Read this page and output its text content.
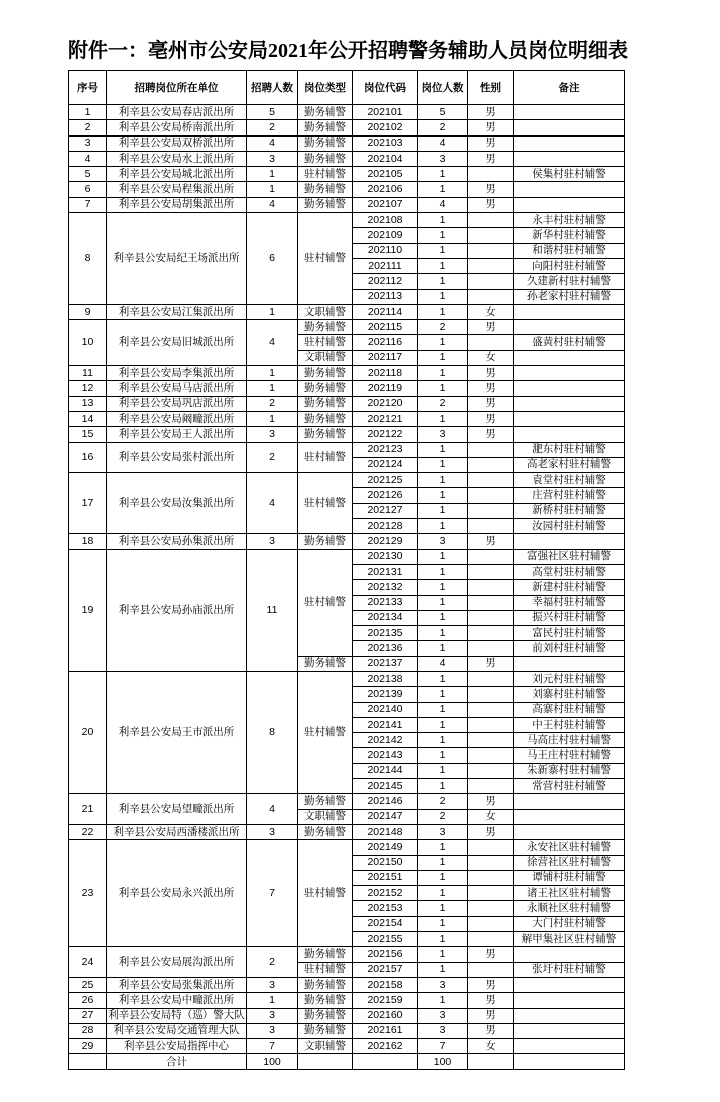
附件一：亳州市公安局2021年公开招聘警务辅助人员岗位明细表
序号	招聘岗位所在单位	招聘人数	岗位类型	岗位代码	岗位人数	性别	备注
1	利辛县公安局春店派出所	5	勤务辅警	202101	5	男	

2	利辛县公安局桥南派出所	2	勤务辅警	202102	2	男	

3	利辛县公安局双桥派出所	4	勤务辅警	202103	4	男	

4	利辛县公安局水上派出所	3	勤务辅警	202104	3	男	

5	利辛县公安局城北派出所	1	驻村辅警	202105	1		侯集村驻村辅警

6	利辛县公安局程集派出所	1	勤务辅警	202106	1	男	

7	利辛县公安局胡集派出所	4	勤务辅警	202107	4	男	

8	利辛县公安局纪王场派出所	6	驻村辅警	202108	1		永丰村驻村辅警

				202109	1		新华村驻村辅警

				202110	1		和谐村驻村辅警

				202111	1		向阳村驻村辅警

				202112	1		久建新村驻村辅警

				202113	1		孙老家村驻村辅警

9	利辛县公安局江集派出所	1	文职辅警	202114	1	女	

10	利辛县公安局旧城派出所	4	勤务辅警	202115	2	男	

			驻村辅警	202116	1		盛黄村驻村辅警

			文职辅警	202117	1	女	

11	利辛县公安局李集派出所	1	勤务辅警	202118	1	男	

12	利辛县公安局马店派出所	1	勤务辅警	202119	1	男	

13	利辛县公安局巩店派出所	2	勤务辅警	202120	2	男	

14	利辛县公安局阚疃派出所	1	勤务辅警	202121	1	男	

15	利辛县公安局王人派出所	3	勤务辅警	202122	3	男	

16	利辛县公安局张村派出所	2	驻村辅警	202123	1		淝东村驻村辅警

				202124	1		高老家村驻村辅警

17	利辛县公安局汝集派出所	4	驻村辅警	202125	1		袁堂村驻村辅警

				202126	1		庄营村驻村辅警

				202127	1		新桥村驻村辅警

				202128	1		汝园村驻村辅警

18	利辛县公安局孙集派出所	3	勤务辅警	202129	3	男	

19	利辛县公安局孙庙派出所	11	驻村辅警	202130	1		富强社区驻村辅警

				202131	1		高堂村驻村辅警

				202132	1		新建村驻村辅警

				202133	1		幸福村驻村辅警

				202134	1		振兴村驻村辅警

				202135	1		富民村驻村辅警

				202136	1		前刘村驻村辅警

			勤务辅警	202137	4	男	

20	利辛县公安局王市派出所	8	驻村辅警	202138	1		刘元村驻村辅警

				202139	1		刘寨村驻村辅警

				202140	1		高寨村驻村辅警

				202141	1		中王村驻村辅警

				202142	1		马高庄村驻村辅警

				202143	1		马王庄村驻村辅警

				202144	1		朱新寨村驻村辅警

				202145	1		常营村驻村辅警

21	利辛县公安局望疃派出所	4	勤务辅警	202146	2	男	

			文职辅警	202147	2	女	

22	利辛县公安局西潘楼派出所	3	勤务辅警	202148	3	男	

23	利辛县公安局永兴派出所	7	驻村辅警	202149	1		永安社区驻村辅警

				202150	1		徐营社区驻村辅警

				202151	1		谭铺村驻村辅警

				202152	1		诸王社区驻村辅警

				202153	1		永顺社区驻村辅警

				202154	1		大门村驻村辅警

				202155	1		解甲集社区驻村辅警

24	利辛县公安局展沟派出所	2	勤务辅警	202156	1	男	

			驻村辅警	202157	1		张圩村驻村辅警

25	利辛县公安局张集派出所	3	勤务辅警	202158	3	男	

26	利辛县公安局中疃派出所	1	勤务辅警	202159	1	男	

27	利辛县公安局特（巡）警大队	3	勤务辅警	202160	3	男	

28	利辛县公安局交通管理大队	3	勤务辅警	202161	3	男	

29	利辛县公安局指挥中心	7	文职辅警	202162	7	女	

	合计	100			100		
